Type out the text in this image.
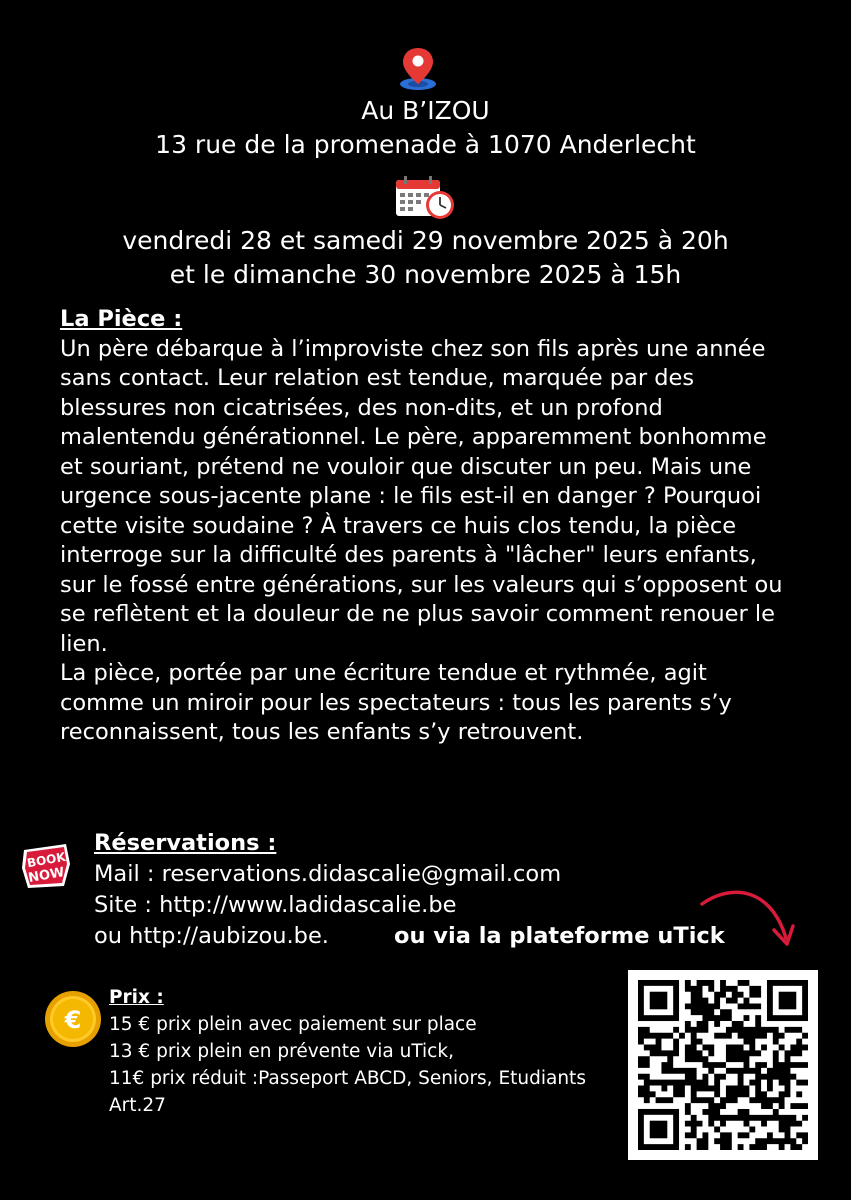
Au B’IZOU
13 rue de la promenade à 1070 Anderlecht
vendredi 28 et samedi 29 novembre 2025 à 20h
et le dimanche 30 novembre 2025 à 15h
La Pièce :

Un père débarque à l’improviste chez son fils après une année sans contact. Leur relation est tendue, marquée par des blessures non cicatrisées, des non-dits, et un profond malentendu générationnel. Le père, apparemment bonhomme et souriant, prétend ne vouloir que discuter un peu. Mais une urgence sous-jacente plane : le fils est-il en danger ? Pourquoi cette visite soudaine ? À travers ce huis clos tendu, la pièce interroge sur la difficulté des parents à "lâcher" leurs enfants, sur le fossé entre générations, sur les valeurs qui s’opposent ou se reflètent et la douleur de ne plus savoir comment renouer le lien.

La pièce, portée par une écriture tendue et rythmée, agit comme un miroir pour les spectateurs : tous les parents s’y reconnaissent, tous les enfants s’y retrouvent.

BOOK
NOW
Réservations :
Mail : reservations.didascalie@gmail.com
Site : http://www.ladidascalie.be
ou http://aubizou.be.	ou via la plateforme uTick
€
Prix :
15 € prix plein avec paiement sur place
13 € prix plein en prévente via uTick,
11€ prix réduit :Passeport ABCD, Seniors, Etudiants
Art.27
